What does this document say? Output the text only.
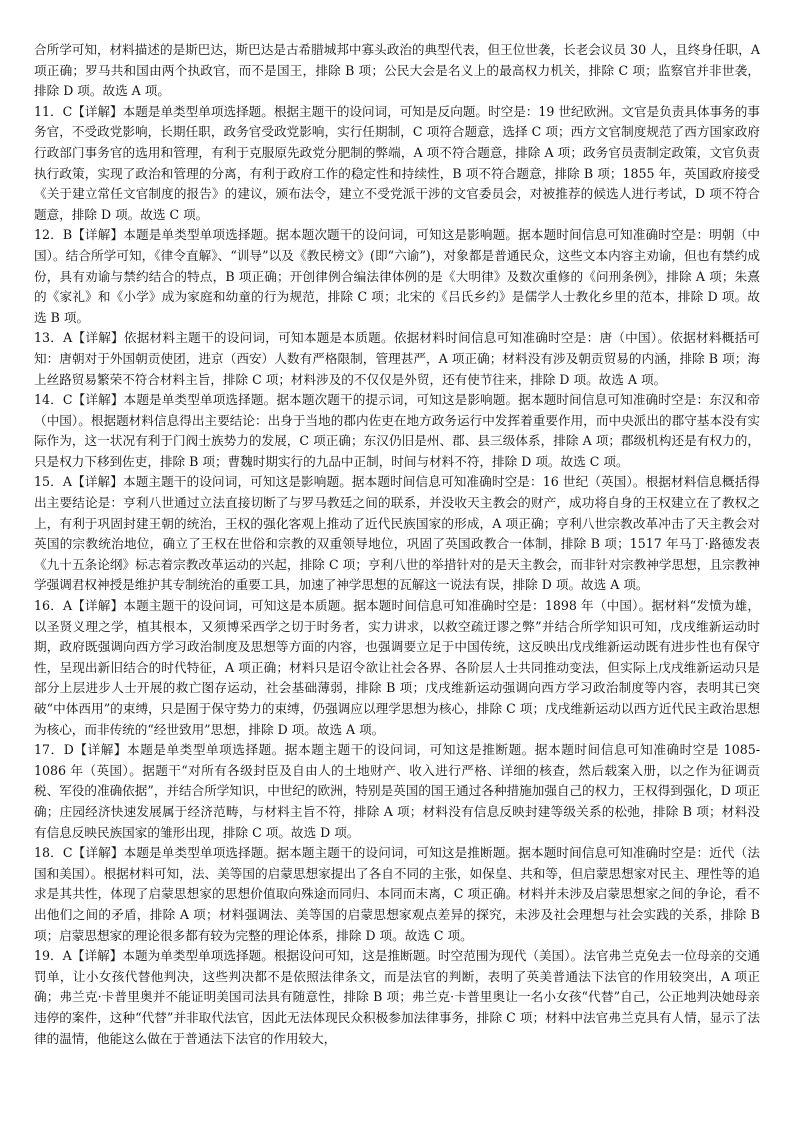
合所学可知，材料描述的是斯巴达，斯巴达是古希腊城邦中寡头政治的典型代表，但王位世袭，长老会议员 30 人，且终身任职，A 项正确；罗马共和国由两个执政官，而不是国王，排除 B 项；公民大会是名义上的最高权力机关，排除 C 项；监察官并非世袭，排除 D 项。故选 A 项。

11．C【详解】本题是单类型单项选择题。根据主题干的设问词，可知是反向题。时空是：19 世纪欧洲。文官是负责具体事务的事务官，不受政党影响，长期任职，政务官受政党影响，实行任期制，C 项符合题意，选择 C 项；西方文官制度规范了西方国家政府行政部门事务官的选用和管理，有利于克服原先政党分肥制的弊端，A 项不符合题意，排除 A 项；政务官员责制定政策，文官负责执行政策，实现了政治和管理的分离，有利于政府工作的稳定性和持续性，B 项不符合题意，排除 B 项；1855 年，英国政府接受《关于建立常任文官制度的报告》的建议，颁布法令，建立不受党派干涉的文官委员会，对被推荐的候选人进行考试，D 项不符合题意，排除 D 项。故选 C 项。

12．B【详解】本题是单类型单项选择题。据本题次题干的设问词，可知这是影响题。据本题时间信息可知准确时空是：明朝（中国）。结合所学可知，《律令直解》、“训导”以及《教民榜文》(即“六谕”)，对象都是普通民众，这些文本内容主劝谕，但也有禁约成份，具有劝谕与禁约结合的特点，B 项正确；开创律例合编法律体例的是《大明律》及数次重修的《问刑条例》，排除 A 项；朱熹的《家礼》和《小学》成为家庭和幼童的行为规范，排除 C 项；北宋的《吕氏乡约》是儒学人士教化乡里的范本，排除 D 项。故选 B 项。

13．A【详解】依据材料主题干的设问词，可知本题是本质题。依据材料时间信息可知准确时空是：唐（中国）。依据材料概括可知：唐朝对于外国朝贡使团，进京（西安）人数有严格限制，管理甚严，A 项正确；材料没有涉及朝贡贸易的内涵，排除 B 项；海上丝路贸易繁荣不符合材料主旨，排除 C 项；材料涉及的不仅仅是外贸，还有使节往来，排除 D 项。故选 A 项。

14．C【详解】本题是单类型单项选择题。据本题次题干的提示词，可知这是影响题。据本题时间信息可知准确时空是：东汉和帝（中国）。根据题材料信息得出主要结论：出身于当地的郡内佐吏在地方政务运行中发挥着重要作用，而中央派出的郡守基本没有实际作为，这一状况有利于门阀士族势力的发展，C 项正确；东汉仍旧是州、郡、县三级体系，排除 A 项；郡级机构还是有权力的，只是权力下移到佐吏，排除 B 项；曹魏时期实行的九品中正制，时间与材料不符，排除 D 项。故选 C 项。

15．A【详解】本题主题干的设问词，可知这是影响题。据本题时间信息可知准确时空是：16 世纪（英国）。根据材料信息概括得出主要结论是：亨利八世通过立法直接切断了与罗马教廷之间的联系，并没收天主教会的财产，成功将自身的王权建立在了教权之上，有利于巩固封建王朝的统治，王权的强化客观上推动了近代民族国家的形成，A 项正确；亨利八世宗教改革冲击了天主教会对英国的宗教统治地位，确立了王权在世俗和宗教的双重领导地位，巩固了英国政教合一体制，排除 B 项；1517 年马丁·路德发表《九十五条论纲》标志着宗教改革运动的兴起，排除 C 项；亨利八世的举措针对的是天主教会，而非针对宗教神学思想，且宗教神学强调君权神授是维护其专制统治的重要工具，加速了神学思想的瓦解这一说法有误，排除 D 项。故选 A 项。

16．A【详解】本题主题干的设问词，可知这是本质题。据本题时间信息可知准确时空是：1898 年（中国）。据材料“发愤为雄，以圣贤义理之学，植其根本，又须博采西学之切于时务者，实力讲求，以救空疏迂谬之弊”并结合所学知识可知，戊戌维新运动时期，政府既强调向西方学习政治制度及思想等方面的内容，也强调要立足于中国传统，这反映出戊戌维新运动既有进步性也有保守性，呈现出新旧结合的时代特征，A 项正确；材料只是诏令欲让社会各界、各阶层人士共同推动变法，但实际上戊戌维新运动只是部分上层进步人士开展的救亡图存运动，社会基础薄弱，排除 B 项；戊戌维新运动强调向西方学习政治制度等内容，表明其已突破“中体西用”的束缚，只是囿于保守势力的束缚，仍强调应以理学思想为核心，排除 C 项；戊戌维新运动以西方近代民主政治思想为核心，而非传统的“经世致用”思想，排除 D 项。故选 A 项。

17．D【详解】本题是单类型单项选择题。据本题主题干的设问词，可知这是推断题。据本题时间信息可知准确时空是 1085-1086 年（英国）。据题干“对所有各级封臣及自由人的土地财产、收入进行严格、详细的核查，然后载案入册，以之作为征调贡税、军役的准确依据”，并结合所学知识，中世纪的欧洲，特别是英国的国王通过各种措施加强自己的权力，王权得到强化，D 项正确；庄园经济快速发展属于经济范畴，与材料主旨不符，排除 A 项；材料没有信息反映封建等级关系的松弛，排除 B 项；材料没有信息反映民族国家的雏形出现，排除 C 项。故选 D 项。

18．C【详解】本题是单类型单项选择题。据本题主题干的设问词，可知这是推断题。据本题时间信息可知准确时空是：近代（法国和美国）。根据材料可知，法、美等国的启蒙思想家提出了各自不同的主张，如保皇、共和等，但启蒙思想家对民主、理性等的追求是其共性，体现了启蒙思想家的思想价值取向殊途而同归、本同而末离，C 项正确。材料并未涉及启蒙思想家之间的争论，看不出他们之间的矛盾，排除 A 项；材料强调法、美等国的启蒙思想家观点差异的探究，未涉及社会理想与社会实践的关系，排除 B 项；启蒙思想家的理论很多都有较为完整的理论体系，排除 D 项。故选 C 项。

19．A【详解】本题为单类型单项选择题。根据设问可知，这是推断题。时空范围为现代（美国）。法官弗兰克免去一位母亲的交通罚单，让小女孩代替他判决，这些判决都不是依照法律条文，而是法官的判断，表明了英美普通法下法官的作用较突出，A 项正确；弗兰克·卡普里奥并不能证明美国司法具有随意性，排除 B 项；弗兰克·卡普里奥让一名小女孩“代替”自己，公正地判决她母亲违停的案件，这种“代替”并非取代法官，因此无法体现民众积极参加法律事务，排除 C 项；材料中法官弗兰克具有人情，显示了法律的温情，他能这么做在于普通法下法官的作用较大，
